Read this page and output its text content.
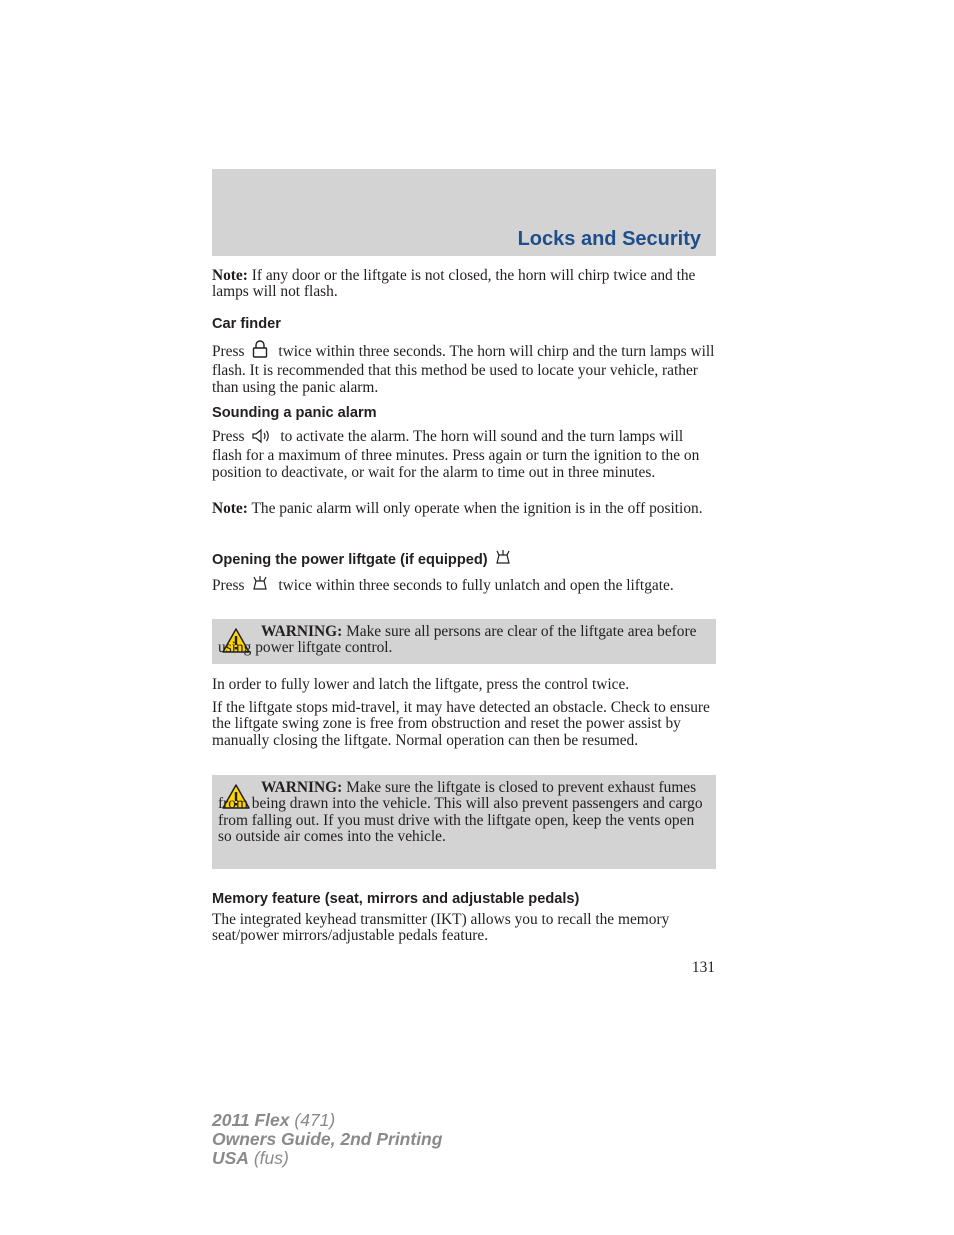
Locks and Security

Note: If any door or the liftgate is not closed, the horn will chirp twice and the lamps will not flash.

Car finder

Press twice within three seconds. The horn will chirp and the turn lamps will flash. It is recommended that this method be used to locate your vehicle, rather than using the panic alarm.

Sounding a panic alarm

Press to activate the alarm. The horn will sound and the turn lamps will flash for a maximum of three minutes. Press again or turn the ignition to the on position to deactivate, or wait for the alarm to time out in three minutes.

Note: The panic alarm will only operate when the ignition is in the off position.

Opening the power liftgate (if equipped)

Press twice within three seconds to fully unlatch and open the liftgate.

WARNING: Make sure all persons are clear of the liftgate area before using power liftgate control.

In order to fully lower and latch the liftgate, press the control twice.

If the liftgate stops mid-travel, it may have detected an obstacle. Check to ensure the liftgate swing zone is free from obstruction and reset the power assist by manually closing the liftgate. Normal operation can then be resumed.

WARNING: Make sure the liftgate is closed to prevent exhaust fumes from being drawn into the vehicle. This will also prevent passengers and cargo from falling out. If you must drive with the liftgate open, keep the vents open so outside air comes into the vehicle.

Memory feature (seat, mirrors and adjustable pedals)

The integrated keyhead transmitter (IKT) allows you to recall the memory seat/power mirrors/adjustable pedals feature.

131
2011 Flex (471)
Owners Guide, 2nd Printing
USA (fus)
